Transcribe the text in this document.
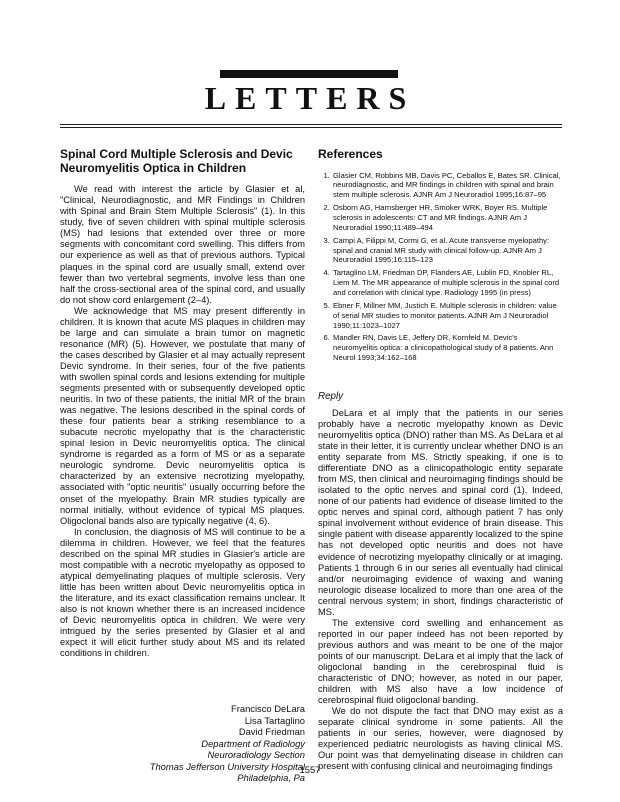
LETTERS
Spinal Cord Multiple Sclerosis and Devic Neuromyelitis Optica in Children

We read with interest the article by Glasier et al, "Clinical, Neurodiagnostic, and MR Findings in Children with Spinal and Brain Stem Multiple Sclerosis" (1). In this study, five of seven children with spinal multiple sclerosis (MS) had lesions that extended over three or more segments with concomitant cord swelling. This differs from our experience as well as that of previous authors. Typical plaques in the spinal cord are usually small, extend over fewer than two vertebral segments, involve less than one half the cross-sectional area of the spinal cord, and usually do not show cord enlargement (2–4).

We acknowledge that MS may present differently in children. It is known that acute MS plaques in children may be large and can simulate a brain tumor on magnetic resonance (MR) (5). However, we postulate that many of the cases described by Glasier et al may actually represent Devic syndrome. In their series, four of the five patients with swollen spinal cords and lesions extending for multiple segments presented with or subsequently developed optic neuritis. In two of these patients, the initial MR of the brain was negative. The lesions described in the spinal cords of these four patients bear a striking resemblance to a subacute necrotic myelopathy that is the characteristic spinal lesion in Devic neuromyelitis optica. The clinical syndrome is regarded as a form of MS or as a separate neurologic syndrome. Devic neuromyelitis optica is characterized by an extensive necrotizing myelopathy, associated with "optic neuritis" usually occurring before the onset of the myelopathy. Brain MR studies typically are normal initially, without evidence of typical MS plaques. Oligoclonal bands also are typically negative (4, 6).

In conclusion, the diagnosis of MS will continue to be a dilemma in children. However, we feel that the features described on the spinal MR studies in Glasier's article are most compatible with a necrotic myelopathy as opposed to atypical demyelinating plaques of multiple sclerosis. Very little has been written about Devic neuromyelitis optica in the literature, and its exact classification remains unclear. It also is not known whether there is an increased incidence of Devic neuromyelitis optica in children. We were very intrigued by the series presented by Glasier et al and expect it will elicit further study about MS and its related conditions in children.

Francisco DeLara
Lisa Tartaglino
David Friedman
Department of Radiology
Neuroradiology Section
Thomas Jefferson University Hospital
Philadelphia, Pa
References
1. Glasier CM, Robbins MB, Davis PC, Ceballos E, Bates SR. Clinical, neurodiagnostic, and MR findings in children with spinal and brain stem multiple sclerosis. AJNR Am J Neuroradiol 1995;16:87–95
2. Osborn AG, Harnsberger HR, Smoker WRK, Boyer RS. Multiple sclerosis in adolescents: CT and MR findings. AJNR Am J Neuroradiol 1990;11:489–494
3. Campi A, Filippi M, Cormi G, et al. Acute transverse myelopathy: spinal and cranial MR study with clinical follow-up. AJNR Am J Neuroradiol 1995;16:115–123
4. Tartaglino LM, Friedman DP, Flanders AE, Lublin FD, Knobler RL, Liem M. The MR appearance of multiple sclerosis in the spinal cord and correlation with clinical type. Radiology 1995 (in press)
5. Ebner F, Millner MM, Justich E. Multiple sclerosis in children: value of serial MR studies to monitor patients. AJNR Am J Neuroradiol 1990;11:1023–1027
6. Mandler RN, Davis LE, Jeffery DR, Kornfeld M. Devic's neuromyelitis optica: a clinicopathological study of 8 patients. Ann Neurol 1993;34:162–168
Reply

DeLara et al imply that the patients in our series probably have a necrotic myelopathy known as Devic neuromyelitis optica (DNO) rather than MS. As DeLara et al state in their letter, it is currently unclear whether DNO is an entity separate from MS. Strictly speaking, if one is to differentiate DNO as a clinicopathologic entity separate from MS, then clinical and neuroimaging findings should be isolated to the optic nerves and spinal cord (1). Indeed, none of our patients had evidence of disease limited to the optic nerves and spinal cord, although patient 7 has only spinal involvement without evidence of brain disease. This single patient with disease apparently localized to the spine has not developed optic neuritis and does not have evidence of necrotizing myelopathy clinically or at imaging. Patients 1 through 6 in our series all eventually had clinical and/or neuroimaging evidence of waxing and waning neurologic disease localized to more than one area of the central nervous system; in short, findings characteristic of MS.

The extensive cord swelling and enhancement as reported in our paper indeed has not been reported by previous authors and was meant to be one of the major points of our manuscript. DeLara et al imply that the lack of oligoclonal banding in the cerebrospinal fluid is characteristic of DNO; however, as noted in our paper, children with MS also have a low incidence of cerebrospinal fluid oligoclonal banding.

We do not dispute the fact that DNO may exist as a separate clinical syndrome in some patients. All the patients in our series, however, were diagnosed by experienced pediatric neurologists as having clinical MS. Our point was that demyelinating disease in children can present with confusing clinical and neuroimaging findings

1557
